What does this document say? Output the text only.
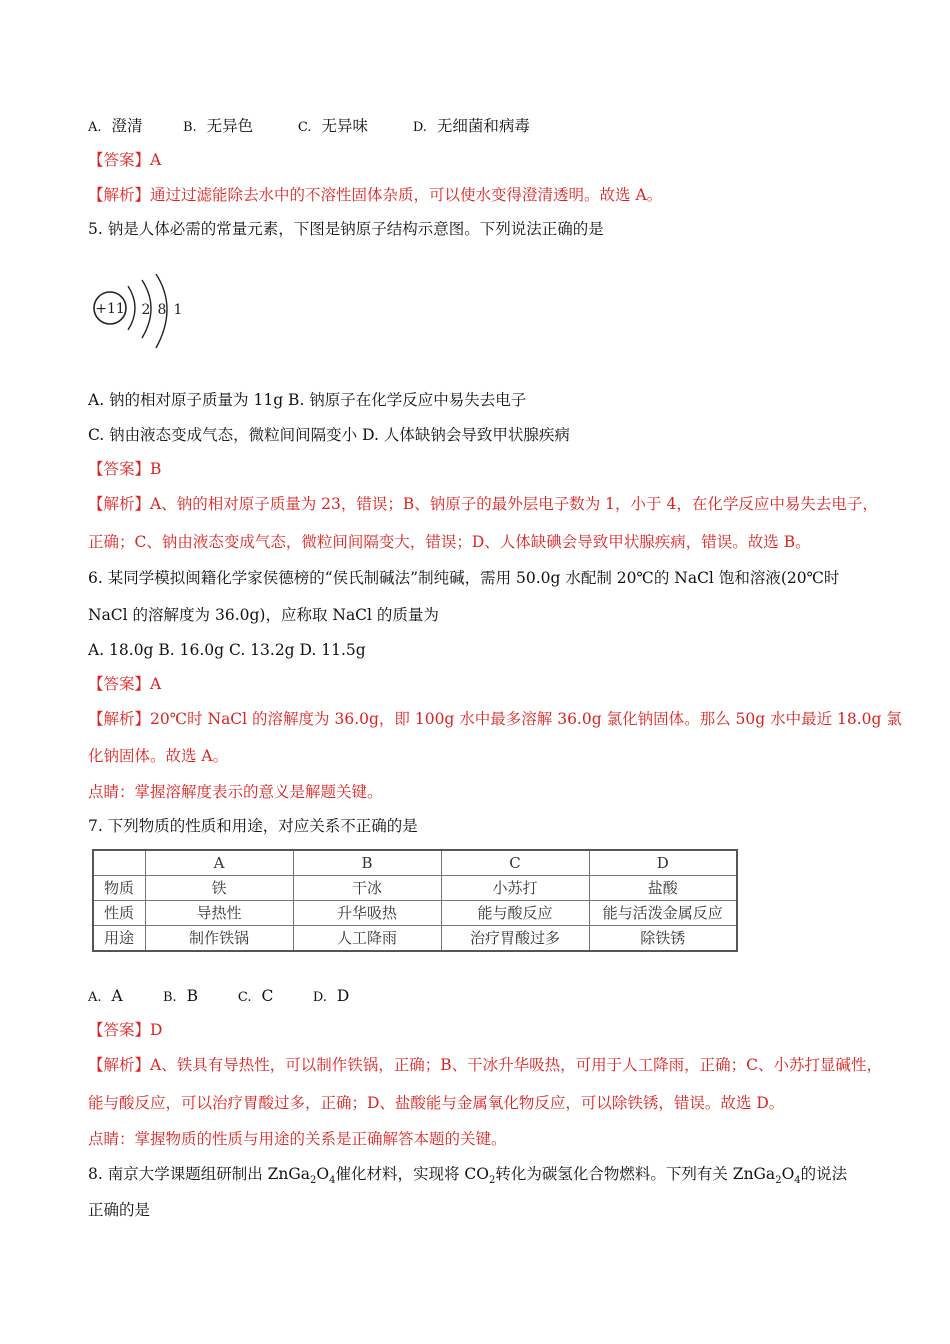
A. 澄清	B. 无异色	C. 无异味	D. 无细菌和病毒
【答案】A
【解析】通过过滤能除去水中的不溶性固体杂质，可以使水变得澄清透明。故选 A。
5. 钠是人体必需的常量元素，下图是钠原子结构示意图。下列说法正确的是
+11 2 8 1
A. 钠的相对原子质量为 11g B. 钠原子在化学反应中易失去电子
C. 钠由液态变成气态，微粒间间隔变小 D. 人体缺钠会导致甲状腺疾病
【答案】B
【解析】A、钠的相对原子质量为 23，错误；B、钠原子的最外层电子数为 1，小于 4，在化学反应中易失去电子，
正确；C、钠由液态变成气态，微粒间间隔变大，错误；D、人体缺碘会导致甲状腺疾病，错误。故选 B。
6. 某同学模拟闽籍化学家侯德榜的“侯氏制碱法”制纯碱，需用 50.0g 水配制 20℃的 NaCl 饱和溶液(20℃时
NaCl 的溶解度为 36.0g)，应称取 NaCl 的质量为
A. 18.0g B. 16.0g C. 13.2g D. 11.5g
【答案】A
【解析】20℃时 NaCl 的溶解度为 36.0g，即 100g 水中最多溶解 36.0g 氯化钠固体。那么 50g 水中最近 18.0g 氯
化钠固体。故选 A。
点睛：掌握溶解度表示的意义是解题关键。
7. 下列物质的性质和用途，对应关系不正确的是
	A	B	C	D
物质	铁	干冰	小苏打	盐酸
性质	导热性	升华吸热	能与酸反应	能与活泼金属反应
用途	制作铁锅	人工降雨	治疗胃酸过多	除铁锈
A. A	B. B	C. C	D. D
【答案】D
【解析】A、铁具有导热性，可以制作铁锅，正确；B、干冰升华吸热，可用于人工降雨，正确；C、小苏打显碱性，
能与酸反应，可以治疗胃酸过多，正确；D、盐酸能与金属氧化物反应，可以除铁锈，错误。故选 D。
点睛：掌握物质的性质与用途的关系是正确解答本题的关键。
8. 南京大学课题组研制出 $ZnGa_2O_4$催化材料，实现将 $CO_2$转化为碳氢化合物燃料。下列有关 $ZnGa_2O_4$的说法
正确的是
